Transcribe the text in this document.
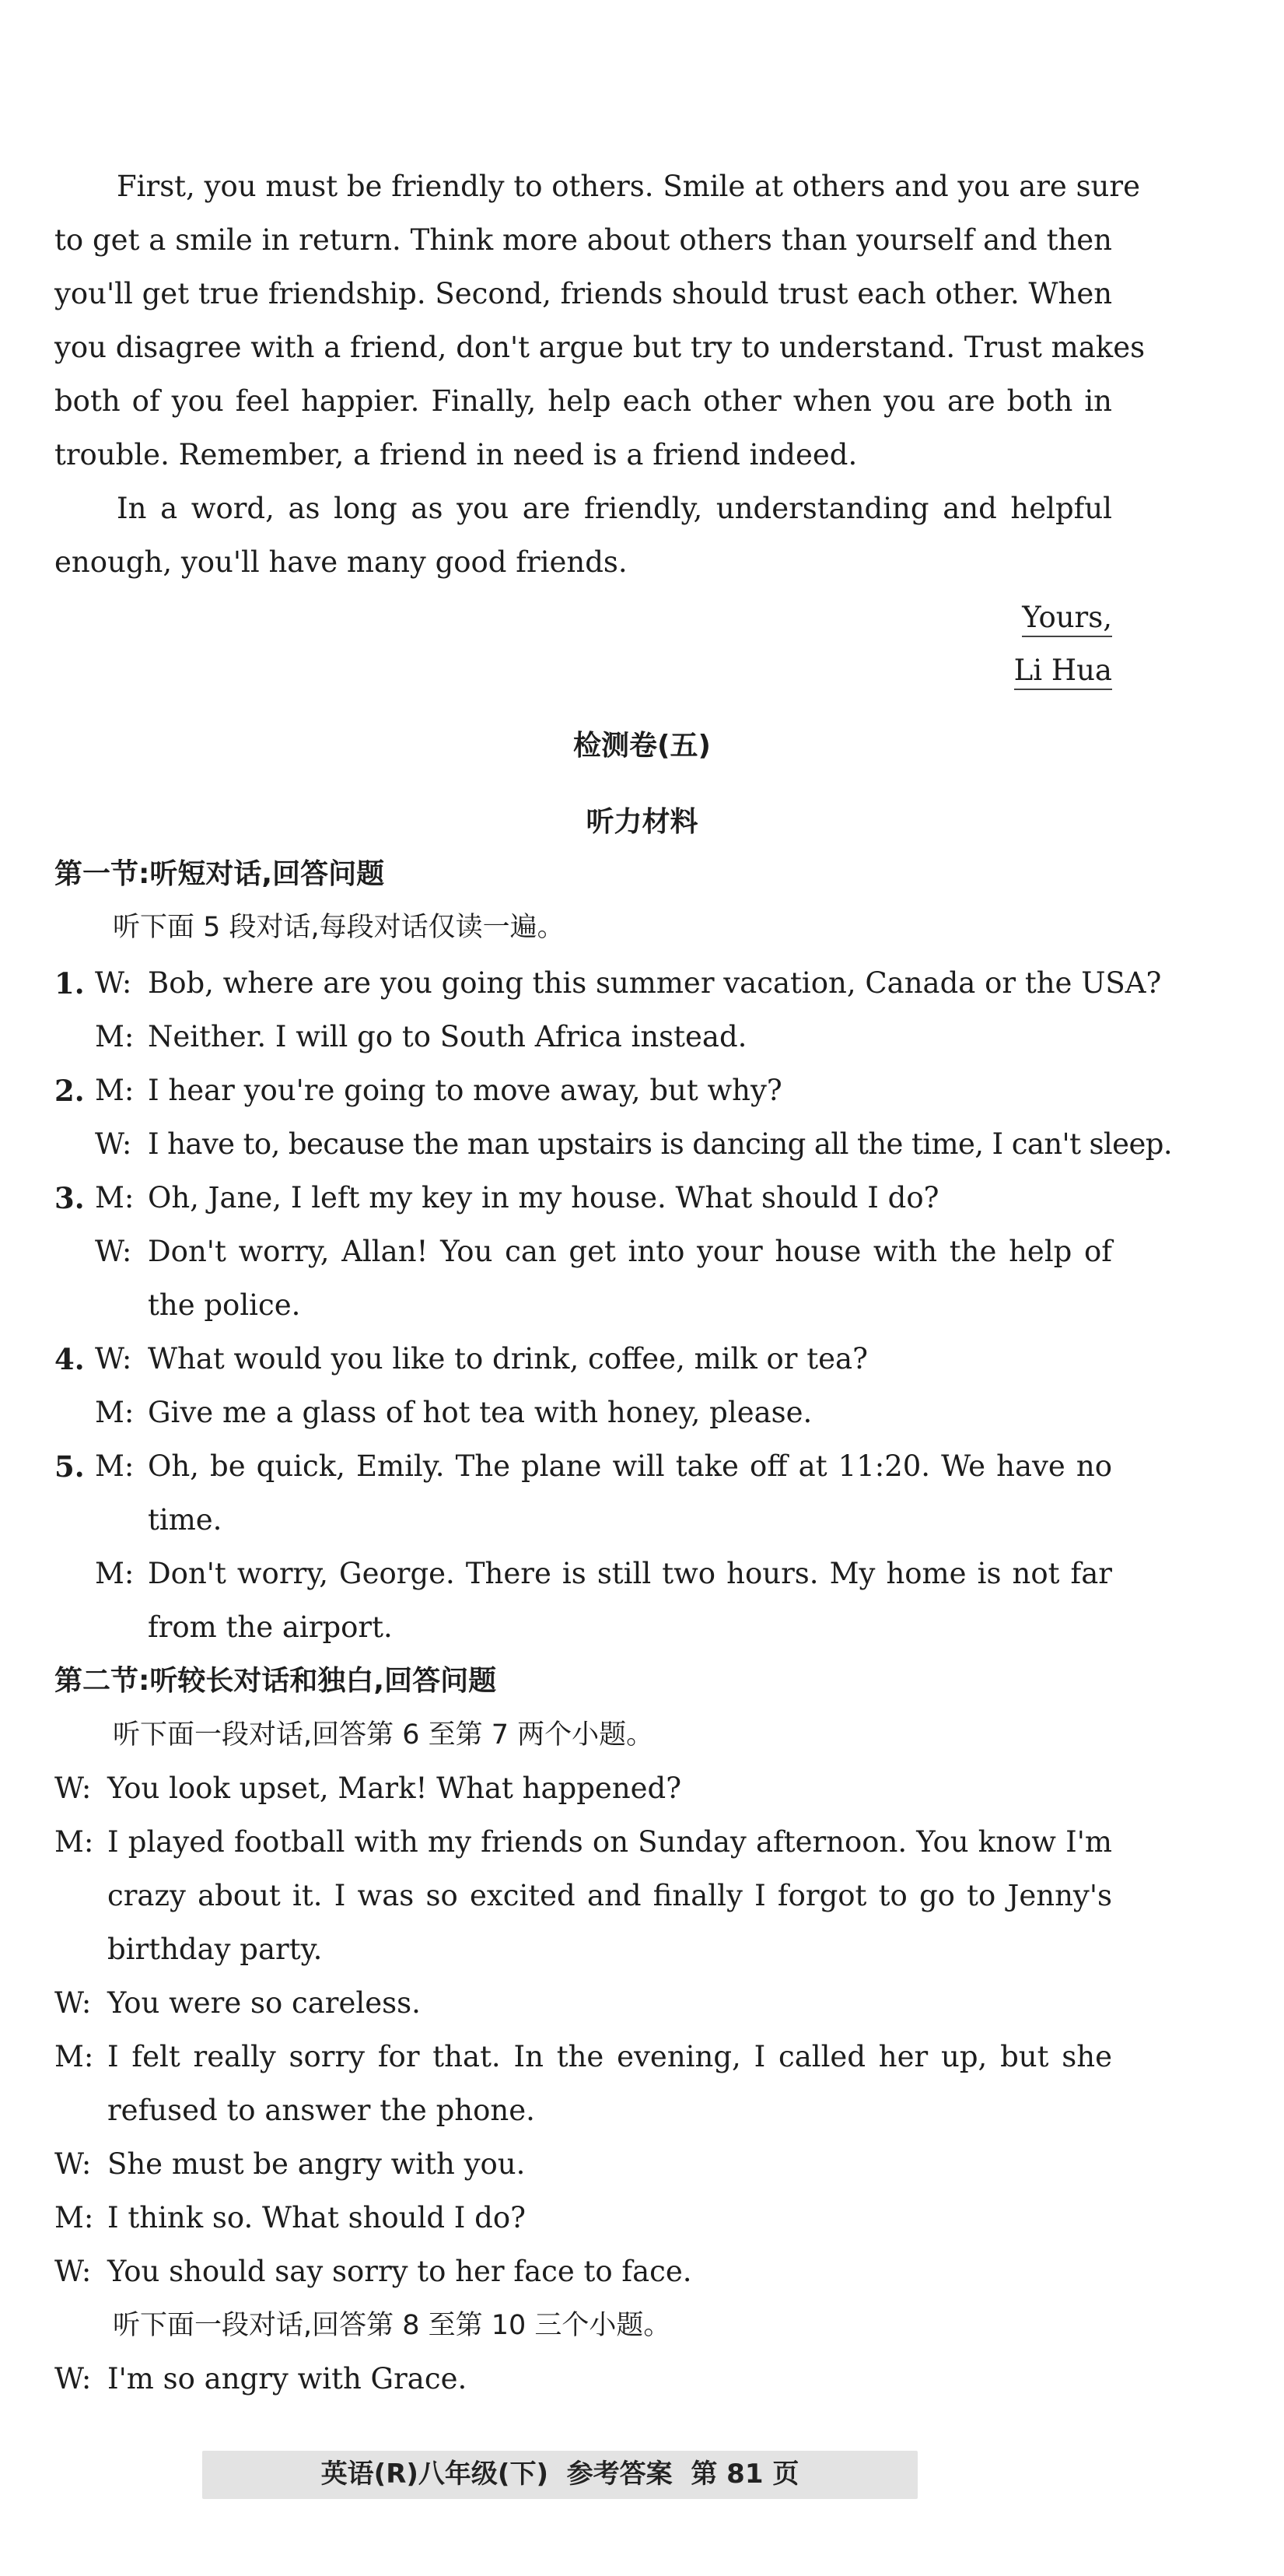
First, you must be friendly to others. Smile at others and you are sure
to get a smile in return. Think more about others than yourself and then
you'll get true friendship. Second, friends should trust each other. When
you disagree with a friend, don't argue but try to understand. Trust makes
both of you feel happier. Finally, help each other when you are both in
trouble. Remember, a friend in need is a friend indeed.
In a word, as long as you are friendly, understanding and helpful
enough, you'll have many good friends.
Yours,
Li Hua
检测卷(五)
听力材料
第一节:听短对话,回答问题
听下面 5 段对话,每段对话仅读一遍。
1. W: Bob, where are you going this summer vacation, Canada or the USA?
M: Neither. I will go to South Africa instead.
2. M: I hear you're going to move away, but why?
W: I have to, because the man upstairs is dancing all the time, I can't sleep.
3. M: Oh, Jane, I left my key in my house. What should I do?
W: Don't worry, Allan! You can get into your house with the help of
the police.
4. W: What would you like to drink, coffee, milk or tea?
M: Give me a glass of hot tea with honey, please.
5. M: Oh, be quick, Emily. The plane will take off at 11:20. We have no
time.
M: Don't worry, George. There is still two hours. My home is not far
from the airport.
第二节:听较长对话和独白,回答问题
听下面一段对话,回答第 6 至第 7 两个小题。
W: You look upset, Mark! What happened?
M: I played football with my friends on Sunday afternoon. You know I'm
crazy about it. I was so excited and finally I forgot to go to Jenny's
birthday party.
W: You were so careless.
M: I felt really sorry for that. In the evening, I called her up, but she
refused to answer the phone.
W: She must be angry with you.
M: I think so. What should I do?
W: You should say sorry to her face to face.
听下面一段对话,回答第 8 至第 10 三个小题。
W: I'm so angry with Grace.
英语(R)八年级(下)  参考答案  第 81 页
